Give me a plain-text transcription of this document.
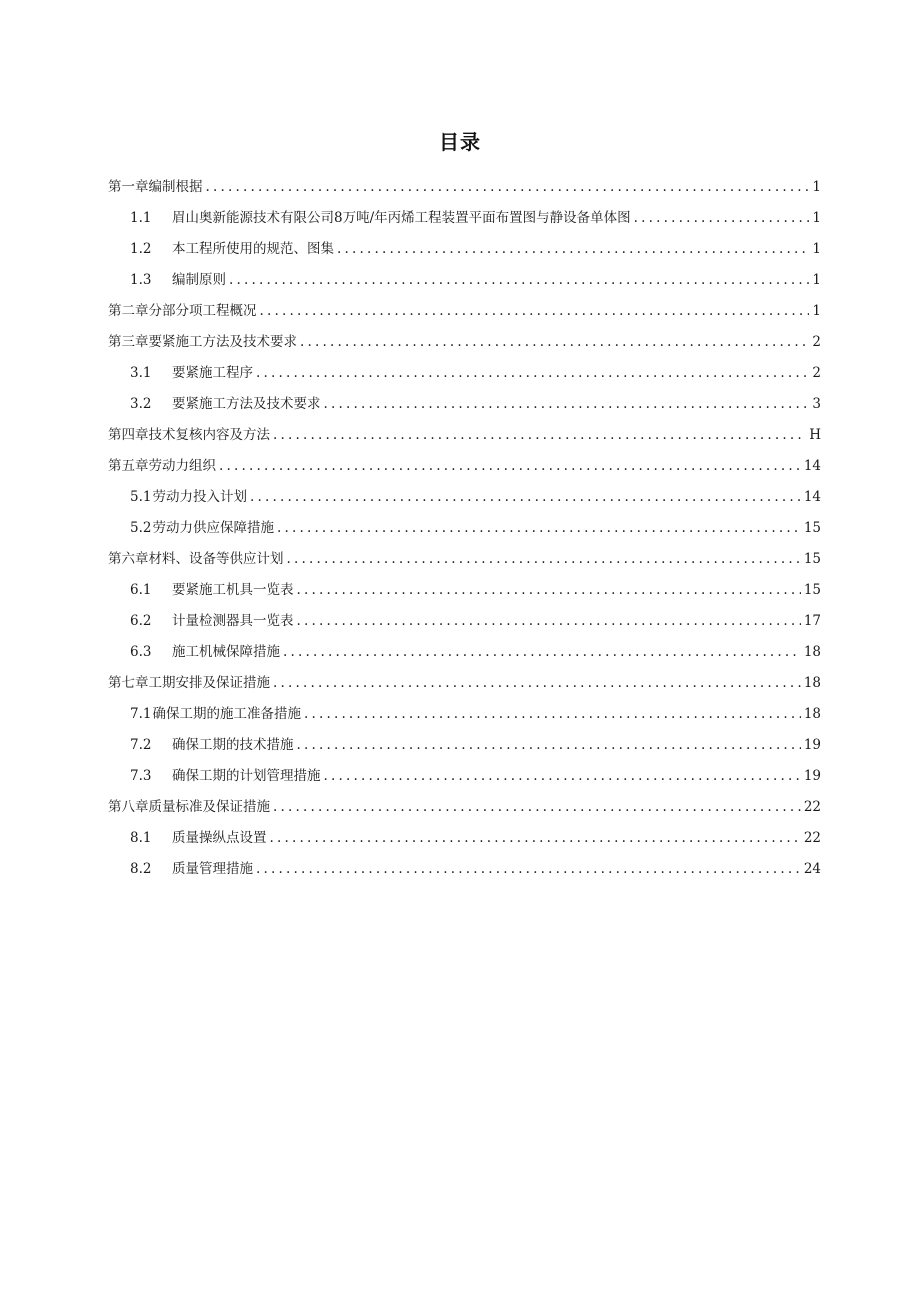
目录
第一章编制根据 .....	1
1.1	眉山奥新能源技术有限公司8万吨/年丙烯工程装置平面布置图与静设备单体图 .....	1
1.2	本工程所使用的规范、图集 .....	1
1.3	编制原则 .....	1
第二章分部分项工程概况 .....	1
第三章要紧施工方法及技术要求 .....	2
3.1	要紧施工程序 .....	2
3.2	要紧施工方法及技术要求 .....	3
第四章技术复核内容及方法 .....	H
第五章劳动力组织 .....	14
5.1 劳动力投入计划 .....	14
5.2 劳动力供应保障措施 .....	15
第六章材料、设备等供应计划 .....	15
6.1	要紧施工机具一览表 .....	15
6.2	计量检测器具一览表 .....	17
6.3	施工机械保障措施 .....	18
第七章工期安排及保证措施 .....	18
7.1 确保工期的施工准备措施 .....	18
7.2	确保工期的技术措施 .....	19
7.3	确保工期的计划管理措施 .....	19
第八章质量标准及保证措施 .....	22
8.1	质量操纵点设置 .....	22
8.2	质量管理措施 .....	24
